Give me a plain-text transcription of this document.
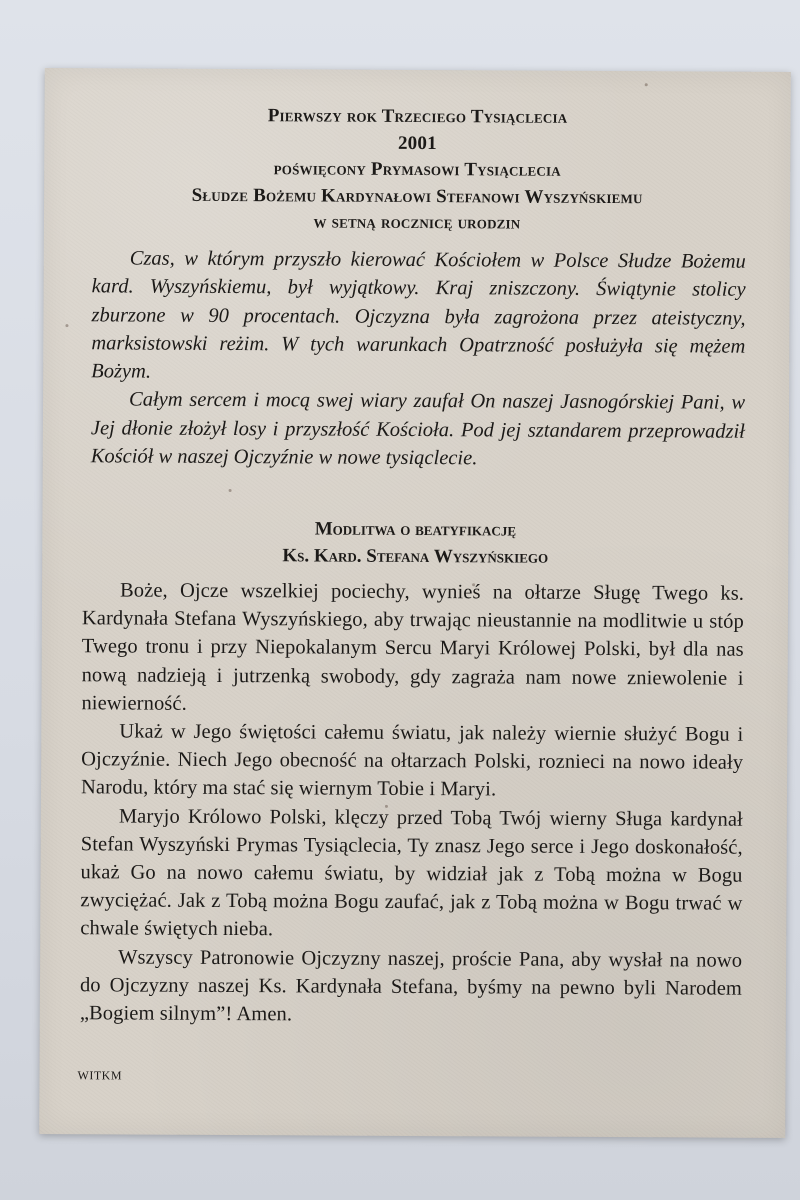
Pierwszy rok Trzeciego Tysiąclecia
2001
poświęcony Prymasowi Tysiąclecia
Słudze Bożemu Kardynałowi Stefanowi Wyszyńskiemu
w setną rocznicę urodzin

Czas, w którym przyszło kierować Kościołem w Polsce Słudze Bożemu kard. Wyszyńskiemu, był wyjątkowy. Kraj zniszczony. Świątynie stolicy zburzone w 90 procentach. Ojczyzna była zagrożona przez ateistyczny, marksistowski reżim. W tych warunkach Opatrzność posłużyła się mężem Bożym.

Całym sercem i mocą swej wiary zaufał On naszej Jasnogórskiej Pani, w Jej dłonie złożył losy i przyszłość Kościoła. Pod jej sztandarem przeprowadził Kościół w naszej Ojczyźnie w nowe tysiąclecie.

Modlitwa o beatyfikację
Ks. Kard. Stefana Wyszyńskiego

Boże, Ojcze wszelkiej pociechy, wynieś na ołtarze Sługę Twego ks. Kardynała Stefana Wyszyńskiego, aby trwając nieustannie na modlitwie u stóp Twego tronu i przy Niepokalanym Sercu Maryi Królowej Polski, był dla nas nową nadzieją i jutrzenką swobody, gdy zagraża nam nowe zniewolenie i niewierność.

Ukaż w Jego świętości całemu światu, jak należy wiernie służyć Bogu i Ojczyźnie. Niech Jego obecność na ołtarzach Polski, roznieci na nowo ideały Narodu, który ma stać się wiernym Tobie i Maryi.

Maryjo Królowo Polski, klęczy przed Tobą Twój wierny Sługa kardynał Stefan Wyszyński Prymas Tysiąclecia, Ty znasz Jego serce i Jego doskonałość, ukaż Go na nowo całemu światu, by widział jak z Tobą można w Bogu zwyciężać. Jak z Tobą można Bogu zaufać, jak z Tobą można w Bogu trwać w chwale świętych nieba.

Wszyscy Patronowie Ojczyzny naszej, proście Pana, aby wysłał na nowo do Ojczyzny naszej Ks. Kardynała Stefana, byśmy na pewno byli Narodem „Bogiem silnym”! Amen.

WITKM
